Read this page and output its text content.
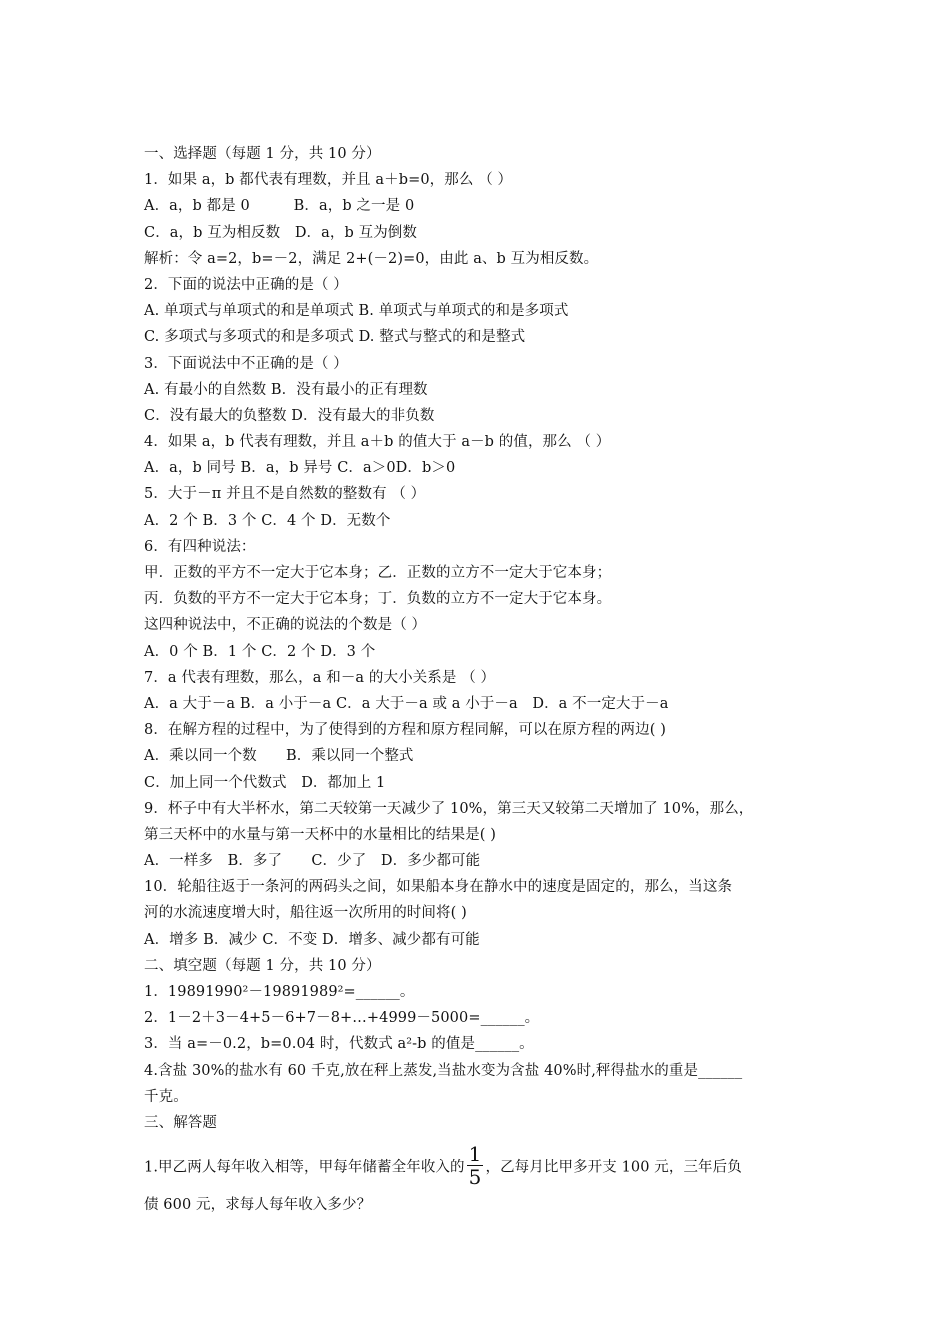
一、选择题（每题 1 分，共 10 分）
1．如果 a，b 都代表有理数，并且 a＋b=0，那么 （ ）
A．a，b 都是 0　　　B．a，b 之一是 0
C．a，b 互为相反数　D．a，b 互为倒数
解析：令 a=2，b=－2，满足 2+(－2)=0，由此 a、b 互为相反数。
2．下面的说法中正确的是（ ）
A. 单项式与单项式的和是单项式 B. 单项式与单项式的和是多项式
C. 多项式与多项式的和是多项式 D. 整式与整式的和是整式
3．下面说法中不正确的是（ ）
A. 有最小的自然数 B．没有最小的正有理数
C．没有最大的负整数 D．没有最大的非负数
4．如果 a，b 代表有理数，并且 a＋b 的值大于 a－b 的值，那么 （ ）
A．a，b 同号 B．a，b 异号 C．a＞0D．b＞0
5．大于－π 并且不是自然数的整数有 （ ）
A．2 个 B．3 个 C．4 个 D．无数个
6．有四种说法：
甲．正数的平方不一定大于它本身；乙．正数的立方不一定大于它本身；
丙．负数的平方不一定大于它本身；丁．负数的立方不一定大于它本身。
这四种说法中，不正确的说法的个数是（ ）
A．0 个 B．1 个 C．2 个 D．3 个
7．a 代表有理数，那么，a 和－a 的大小关系是 （ ）
A．a 大于－a B．a 小于－a C．a 大于－a 或 a 小于－a　D．a 不一定大于－a
8．在解方程的过程中，为了使得到的方程和原方程同解，可以在原方程的两边( )
A．乘以同一个数　　B．乘以同一个整式
C．加上同一个代数式　D．都加上 1
9．杯子中有大半杯水，第二天较第一天减少了 10%，第三天又较第二天增加了 10%，那么，
第三天杯中的水量与第一天杯中的水量相比的结果是( )
A．一样多　B．多了　　C．少了　D．多少都可能
10．轮船往返于一条河的两码头之间，如果船本身在静水中的速度是固定的，那么，当这条
河的水流速度增大时，船往返一次所用的时间将( )
A．增多 B．减少 C．不变 D．增多、减少都有可能
二、填空题（每题 1 分，共 10 分）
1．19891990²－19891989²=______。
2．1－2＋3－4+5－6+7－8+…+4999－5000=______。
3．当 a=－0.2，b=0.04 时，代数式 a²-b 的值是______。
4.含盐 30%的盐水有 60 千克,放在秤上蒸发,当盐水变为含盐 40%时,秤得盐水的重是______
千克。
三、解答题
1.甲乙两人每年收入相等，甲每年储蓄全年收入的 $\frac{1}{5}$ ，乙每月比甲多开支 100 元，三年后负
债 600 元，求每人每年收入多少？
